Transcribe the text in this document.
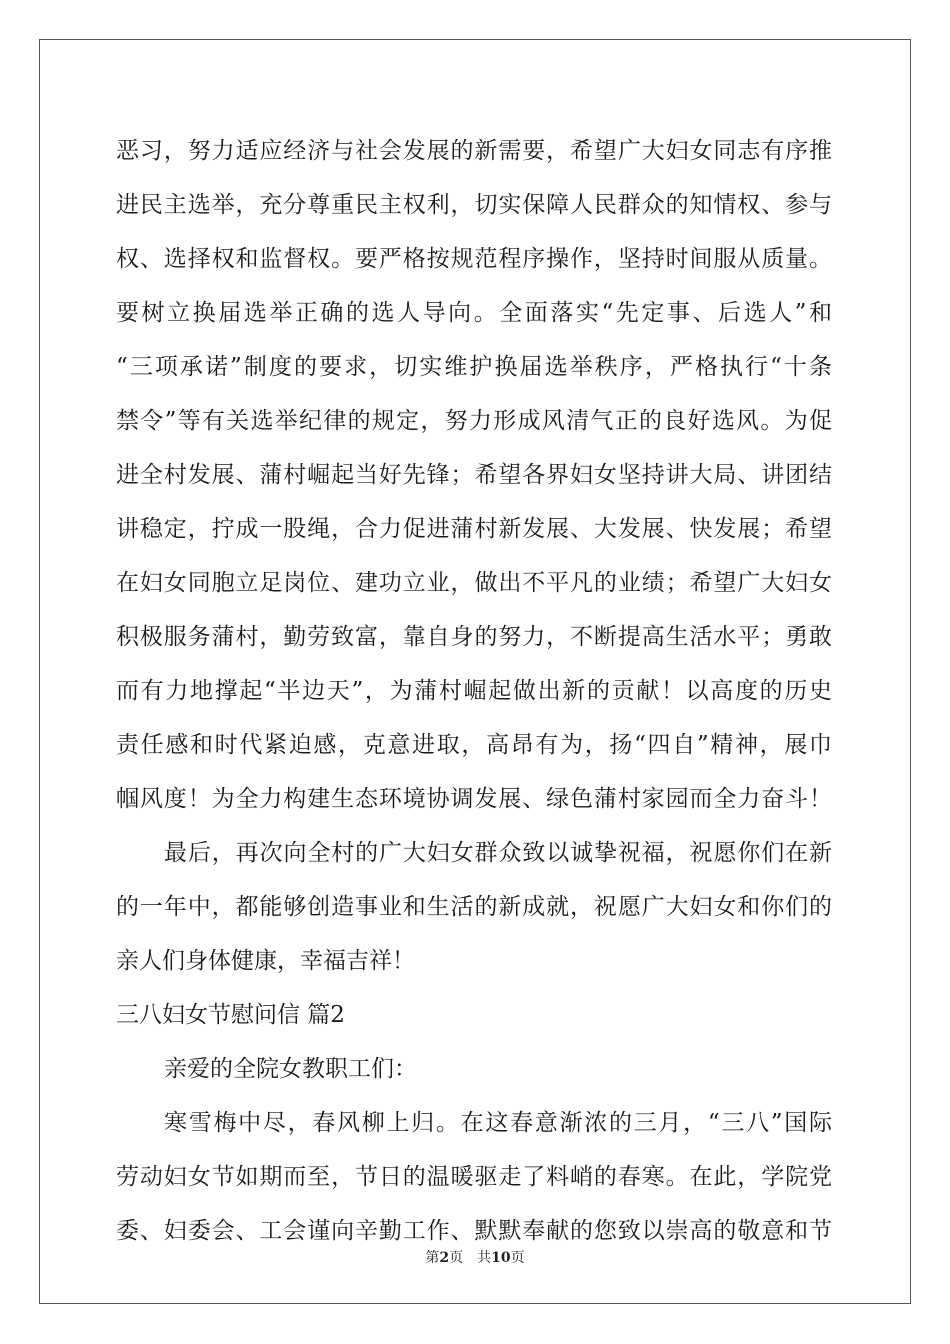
恶习，努力适应经济与社会发展的新需要，希望广大妇女同志有序推
进民主选举，充分尊重民主权利，切实保障人民群众的知情权、参与
权、选择权和监督权。要严格按规范程序操作，坚持时间服从质量。
要树立换届选举正确的选人导向。全面落实“先定事、后选人”和
“三项承诺”制度的要求，切实维护换届选举秩序，严格执行“十条
禁令”等有关选举纪律的规定，努力形成风清气正的良好选风。为促
进全村发展、蒲村崛起当好先锋；希望各界妇女坚持讲大局、讲团结
讲稳定，拧成一股绳，合力促进蒲村新发展、大发展、快发展；希望
在妇女同胞立足岗位、建功立业，做出不平凡的业绩；希望广大妇女
积极服务蒲村，勤劳致富，靠自身的努力，不断提高生活水平；勇敢
而有力地撑起“半边天”，为蒲村崛起做出新的贡献！以高度的历史
责任感和时代紧迫感，克意进取，高昂有为，扬“四自”精神，展巾
帼风度！为全力构建生态环境协调发展、绿色蒲村家园而全力奋斗！
最后，再次向全村的广大妇女群众致以诚挚祝福，祝愿你们在新
的一年中，都能够创造事业和生活的新成就，祝愿广大妇女和你们的
亲人们身体健康，幸福吉祥！
三八妇女节慰问信 篇2
亲爱的全院女教职工们：
寒雪梅中尽，春风柳上归。在这春意渐浓的三月，“三八”国际
劳动妇女节如期而至，节日的温暖驱走了料峭的春寒。在此，学院党
委、妇委会、工会谨向辛勤工作、默默奉献的您致以崇高的敬意和节
第2页 共10页
